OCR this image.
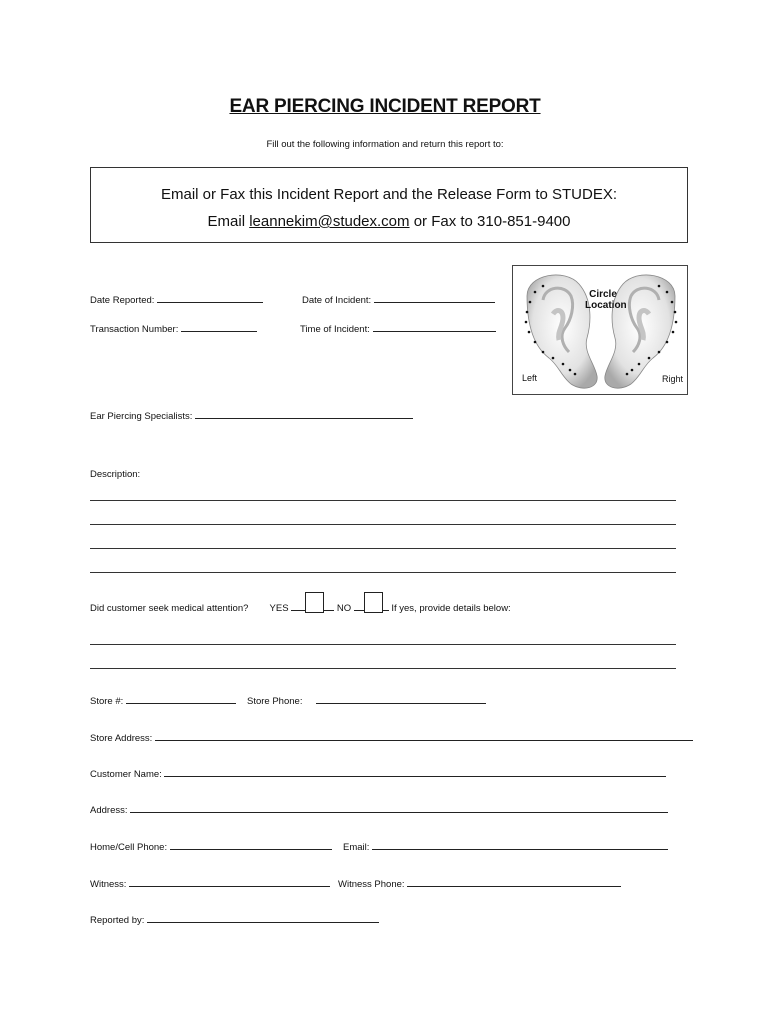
EAR PIERCING INCIDENT REPORT
Fill out the following information and return this report to:
Email or Fax this Incident Report and the Release Form to STUDEX:
Email leannekim@studex.com or Fax to 310-851-9400
Date Reported:	Date of Incident:
Transaction Number:	Time of Incident:
Circle Location
Left	Right
Ear Piercing Specialists:
Description:
Did customer seek medical attention? YES	NO	If yes, provide details below:
Store #:	Store Phone:
Store Address:
Customer Name:
Address:
Home/Cell Phone:	Email:
Witness:	Witness Phone:
Reported by:
